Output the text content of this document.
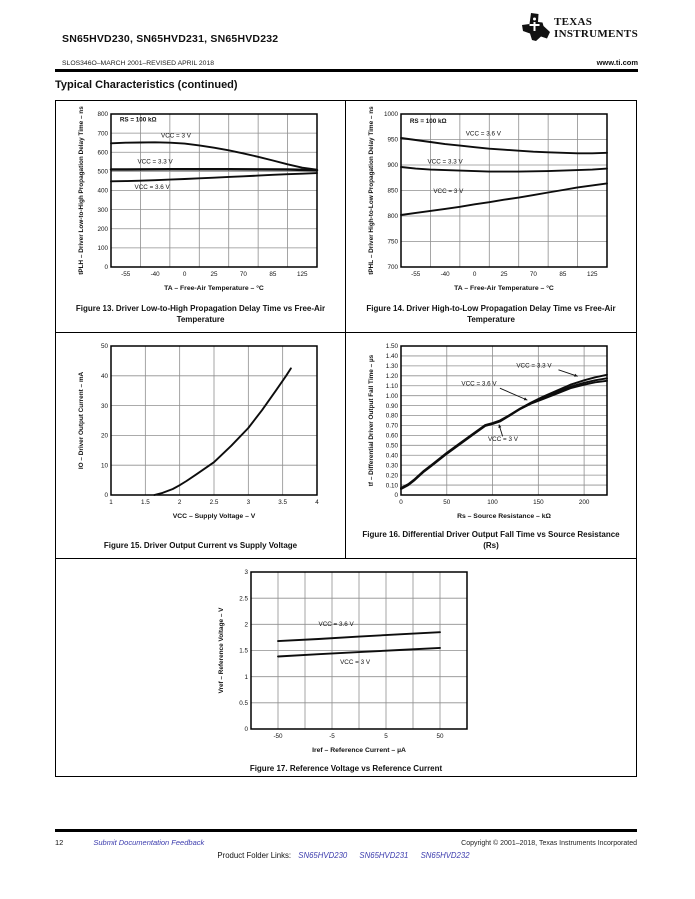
TEXAS
INSTRUMENTS
SN65HVD230, SN65HVD231, SN65HVD232
SLOS346O–MARCH 2001–REVISED APRIL 2018	www.ti.com
Typical Characteristics (continued)
800
700
600
500
400
300
200
100
0
-55	-40	0	25	70	85	125
tPLH – Driver Low-to-High Propagation Delay Time – ns
TA – Free-Air Temperature – °C
RS = 100 kΩ
VCC = 3 V
VCC = 3.3 V
VCC = 3.6 V
Figure 13. Driver Low-to-High Propagation Delay Time vs Free-Air Temperature
1000
950
900
850
800
750
700
-55	-40	0	25	70	85	125
tPHL – Driver High-to-Low Propagation Delay Time – ns
TA – Free-Air Temperature – °C
RS = 100 kΩ
VCC = 3.6 V
VCC = 3.3 V
VCC = 3 V
Figure 14. Driver High-to-Low Propagation Delay Time vs Free-Air Temperature
50
40
30
20
10
0
1	1.5	2	2.5	3	3.5	4
IO – Driver Output Current – mA
VCC – Supply Voltage – V
Figure 15. Driver Output Current vs Supply Voltage
1.50
1.40
1.30
1.20
1.10
1.00
0.90
0.80
0.70
0.60
0.50
0.40
0.30
0.20
0.10
0
0	50	100	150	200
tf – Differential Driver Output Fall Time – µs
Rs – Source Resistance – kΩ
VCC = 3.3 V
VCC = 3.6 V
VCC = 3 V
Figure 16. Differential Driver Output Fall Time vs Source Resistance (Rs)
3
2.5
2
1.5
1
0.5
0
-50	-5	5	50
Vref – Reference Voltage – V
Iref – Reference Current – µA
VCC = 3.6 V
VCC = 3 V
Figure 17. Reference Voltage vs Reference Current
12	Submit Documentation Feedback	Copyright © 2001–2018, Texas Instruments Incorporated
Product Folder Links: SN65HVD230 SN65HVD231 SN65HVD232
